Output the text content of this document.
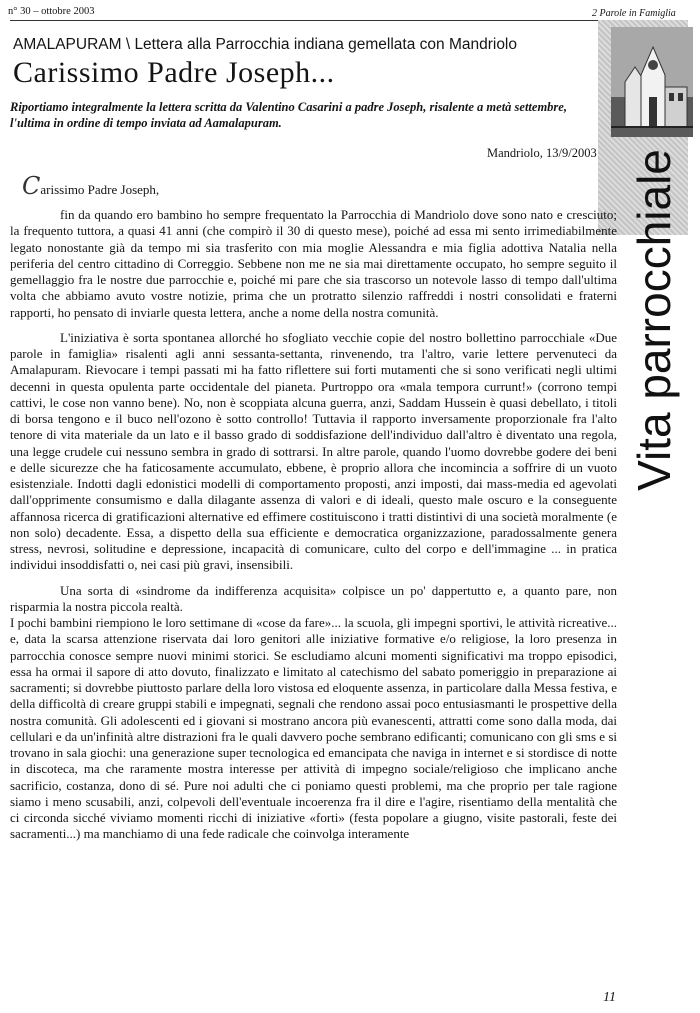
n° 30 – ottobre 2003	2 Parole in Famiglia
Vita parrocchiale
AMALAPURAM \ Lettera alla Parrocchia indiana gemellata con Mandriolo
Carissimo Padre Joseph...
Riportiamo integralmente la lettera scritta da Valentino Casarini a padre Joseph, risalente a metà settembre, l'ultima in ordine di tempo inviata ad Aamalapuram.
Mandriolo, 13/9/2003
Carissimo Padre Joseph,

fin da quando ero bambino ho sempre frequentato la Parrocchia di Mandriolo dove sono nato e cresciuto; la frequento tuttora, a quasi 41 anni (che compirò il 30 di questo mese), poiché ad essa mi sento irrimediabilmente legato nonostante già da tempo mi sia trasferito con mia moglie Alessandra e mia figlia adottiva Natalia nella periferia del centro cittadino di Correggio. Sebbene non me ne sia mai direttamente occupato, ho sempre seguito il gemellaggio fra le nostre due parrocchie e, poiché mi pare che sia trascorso un notevole lasso di tempo dall'ultima volta che abbiamo avuto vostre notizie, prima che un protratto silenzio raffreddi i nostri consolidati e fraterni rapporti, ho pensato di inviarle questa lettera, anche a nome della nostra comunità.

L'iniziativa è sorta spontanea allorché ho sfogliato vecchie copie del nostro bollettino parrocchiale «Due parole in famiglia» risalenti agli anni sessanta-settanta, rinvenendo, tra l'altro, varie lettere pervenuteci da Amalapuram. Rievocare i tempi passati mi ha fatto riflettere sui forti mutamenti che si sono verificati negli ultimi decenni in questa opulenta parte occidentale del pianeta. Purtroppo ora «mala tempora currunt!» (corrono tempi cattivi, le cose non vanno bene). No, non è scoppiata alcuna guerra, anzi, Saddam Hussein è quasi debellato, i titoli di borsa tengono e il buco nell'ozono è sotto controllo! Tuttavia il rapporto inversamente proporzionale fra l'alto tenore di vita materiale da un lato e il basso grado di soddisfazione dell'individuo dall'altro è diventato una regola, una legge crudele cui nessuno sembra in grado di sottrarsi. In altre parole, quando l'uomo dovrebbe godere dei beni e delle sicurezze che ha faticosamente accumulato, ebbene, è proprio allora che incomincia a soffrire di un vuoto esistenziale. Indotti dagli edonistici modelli di comportamento proposti, anzi imposti, dai mass-media ed agevolati dall'opprimente consumismo e dalla dilagante assenza di valori e di ideali, questo male oscuro e la conseguente affannosa ricerca di gratificazioni alternative ed effimere costituiscono i tratti distintivi di una società moralmente (e non solo) decadente. Essa, a dispetto della sua efficiente e democratica organizzazione, paradossalmente genera stress, nevrosi, solitudine e depressione, incapacità di comunicare, culto del corpo e dell'immagine ... in pratica individui insoddisfatti o, nei casi più gravi, insensibili.

Una sorta di «sindrome da indifferenza acquisita» colpisce un po' dappertutto e, a quanto pare, non risparmia la nostra piccola realtà.

I pochi bambini riempiono le loro settimane di «cose da fare»... la scuola, gli impegni sportivi, le attività ricreative... e, data la scarsa attenzione riservata dai loro genitori alle iniziative formative e/o religiose, la loro presenza in parrocchia conosce sempre nuovi minimi storici. Se escludiamo alcuni momenti significativi ma troppo episodici, essa ha ormai il sapore di atto dovuto, finalizzato e limitato al catechismo del sabato pomeriggio in preparazione ai sacramenti; si dovrebbe piuttosto parlare della loro vistosa ed eloquente assenza, in particolare dalla Messa festiva, e della difficoltà di creare gruppi stabili e impegnati, segnali che rendono assai poco entusiasmanti le prospettive della nostra comunità. Gli adolescenti ed i giovani si mostrano ancora più evanescenti, attratti come sono dalla moda, dai cellulari e da un'infinità altre distrazioni fra le quali davvero poche sembrano edificanti; comunicano con gli sms e si trovano in sala giochi: una generazione super tecnologica ed emancipata che naviga in internet e si stordisce di notte in discoteca, ma che raramente mostra interesse per attività di impegno sociale/religioso che implicano anche sacrificio, costanza, dono di sé. Pure noi adulti che ci poniamo questi problemi, ma che proprio per tale ragione siamo i meno scusabili, anzi, colpevoli dell'eventuale incoerenza fra il dire e l'agire, risentiamo della mentalità che ci circonda sicché viviamo momenti ricchi di iniziative «forti» (festa popolare a giugno, visite pastorali, feste dei sacramenti...) ma manchiamo di una fede radicale che coinvolga interamente

11
